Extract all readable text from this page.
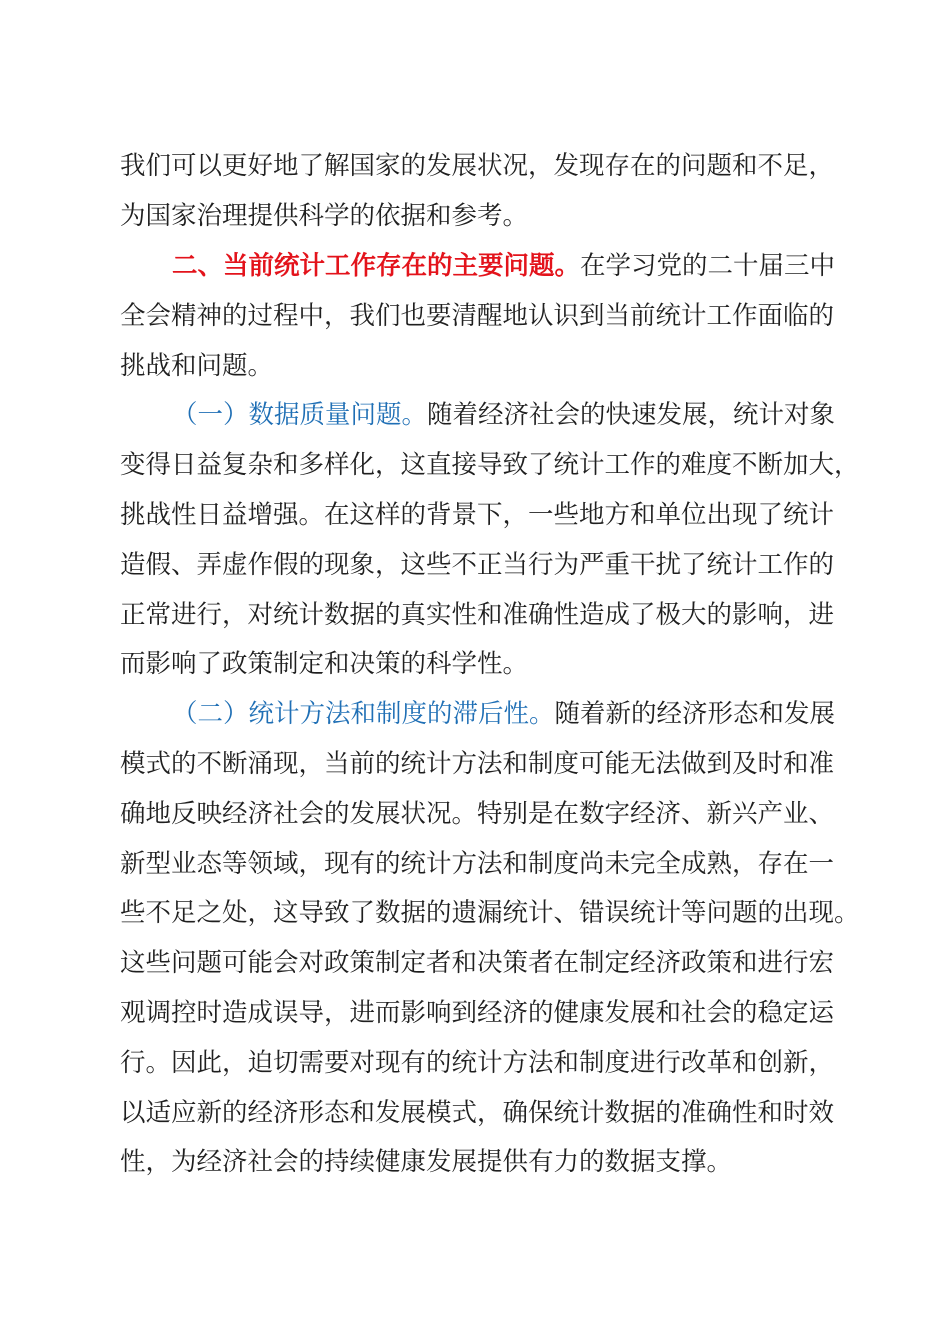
我们可以更好地了解国家的发展状况，发现存在的问题和不足，
为国家治理提供科学的依据和参考。
二、当前统计工作存在的主要问题。在学习党的二十届三中
全会精神的过程中，我们也要清醒地认识到当前统计工作面临的
挑战和问题。
（一）数据质量问题。随着经济社会的快速发展，统计对象
变得日益复杂和多样化，这直接导致了统计工作的难度不断加大，
挑战性日益增强。在这样的背景下，一些地方和单位出现了统计
造假、弄虚作假的现象，这些不正当行为严重干扰了统计工作的
正常进行，对统计数据的真实性和准确性造成了极大的影响，进
而影响了政策制定和决策的科学性。
（二）统计方法和制度的滞后性。随着新的经济形态和发展
模式的不断涌现，当前的统计方法和制度可能无法做到及时和准
确地反映经济社会的发展状况。特别是在数字经济、新兴产业、
新型业态等领域，现有的统计方法和制度尚未完全成熟，存在一
些不足之处，这导致了数据的遗漏统计、错误统计等问题的出现。
这些问题可能会对政策制定者和决策者在制定经济政策和进行宏
观调控时造成误导，进而影响到经济的健康发展和社会的稳定运
行。因此，迫切需要对现有的统计方法和制度进行改革和创新，
以适应新的经济形态和发展模式，确保统计数据的准确性和时效
性，为经济社会的持续健康发展提供有力的数据支撑。
